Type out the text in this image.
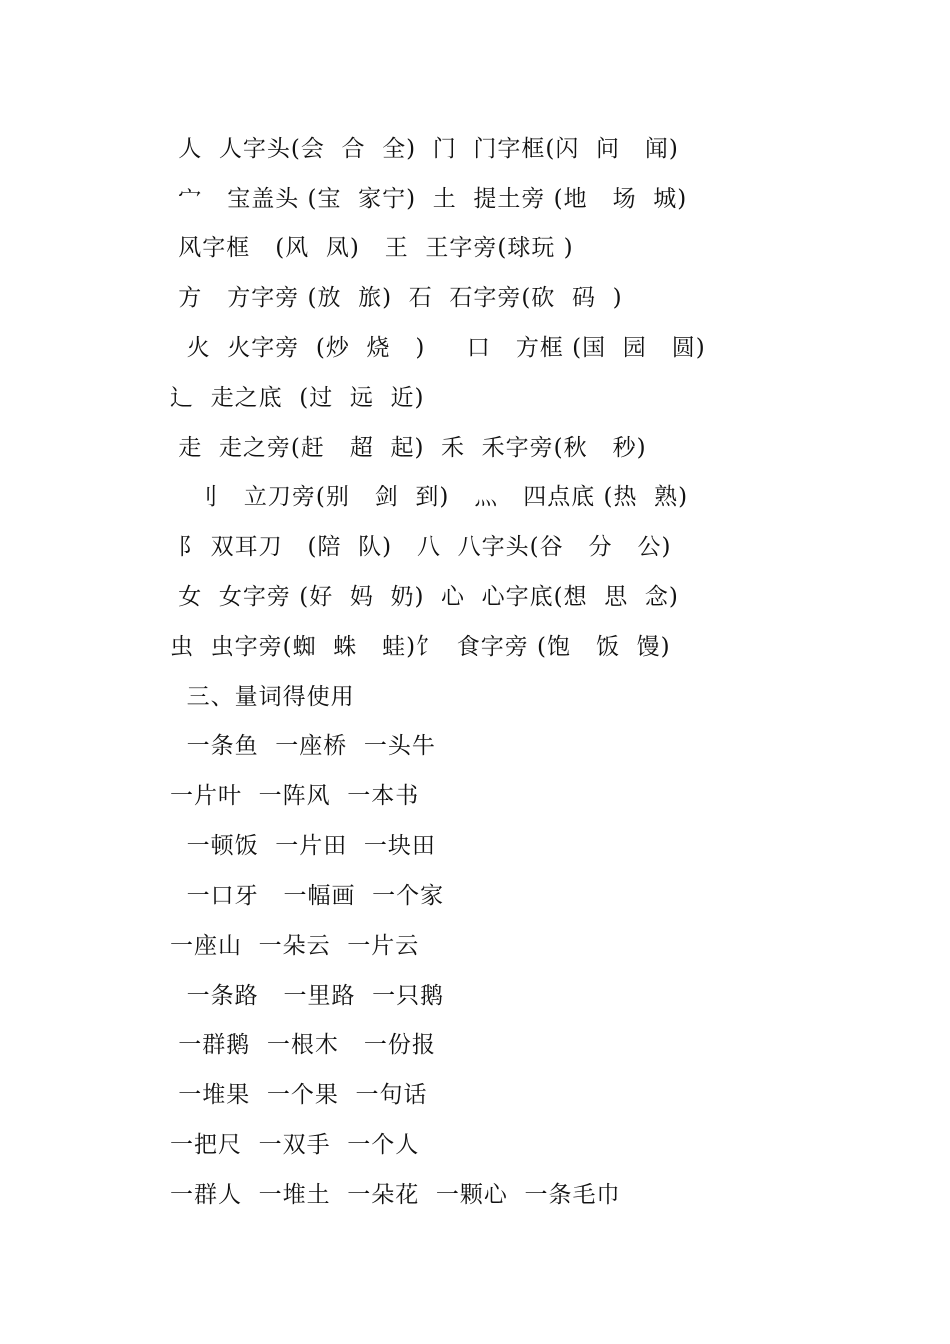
人  人字头(会  合  全)  门  门字框(闪  问   闻)
宀   宝盖头 (宝  家宁)  土  提土旁 (地   场  城)
风字框   (风  凤)   王  王字旁(球玩 )
方   方字旁 (放  旅)  石  石字旁(砍  码  )
火  火字旁  (炒  烧   )     口   方框 (国  园   圆)
辶  走之底  (过  远  近)
走  走之旁(赶   超  起)  禾  禾字旁(秋   秒)
刂   立刀旁(别   剑  到)   灬   四点底 (热  熟)
阝 双耳刀   (陪  队)   八  八字头(谷   分   公)
女  女字旁 (好  妈  奶)  心  心字底(想  思  念)
虫  虫字旁(蜘  蛛   蛙)饣  食字旁 (饱   饭  馒)
三、量词得使用
一条鱼  一座桥  一头牛
一片叶  一阵风  一本书
一顿饭  一片田  一块田
一口牙   一幅画  一个家
一座山  一朵云  一片云
一条路   一里路  一只鹅
一群鹅  一根木   一份报
一堆果  一个果  一句话
一把尺  一双手  一个人
一群人  一堆土  一朵花  一颗心  一条毛巾
